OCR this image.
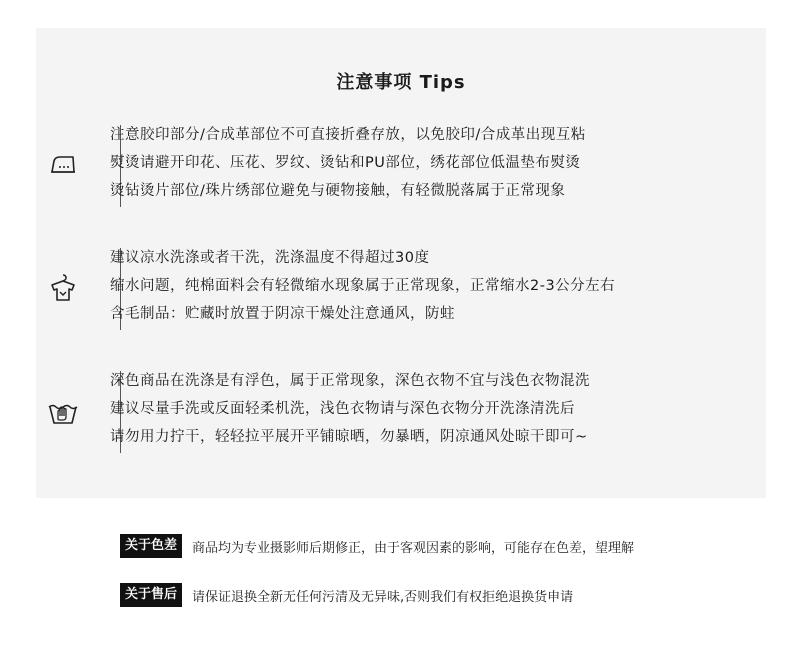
注意事项 Tips
注意胶印部分/合成革部位不可直接折叠存放，以免胶印/合成革出现互粘
熨烫请避开印花、压花、罗纹、烫钻和PU部位，绣花部位低温垫布熨烫
烫钻烫片部位/珠片绣部位避免与硬物接触，有轻微脱落属于正常现象
建议凉水洗涤或者干洗，洗涤温度不得超过30度
缩水问题，纯棉面料会有轻微缩水现象属于正常现象，正常缩水2-3公分左右
含毛制品：贮藏时放置于阴凉干燥处注意通风，防蛀
深色商品在洗涤是有浮色，属于正常现象，深色衣物不宜与浅色衣物混洗
建议尽量手洗或反面轻柔机洗，浅色衣物请与深色衣物分开洗涤清洗后
请勿用力拧干，轻轻拉平展开平铺晾晒，勿暴晒，阴凉通风处晾干即可~
关于色差	商品均为专业摄影师后期修正，由于客观因素的影响，可能存在色差，望理解
关于售后	请保证退换全新无任何污清及无异味,否则我们有权拒绝退换货申请
